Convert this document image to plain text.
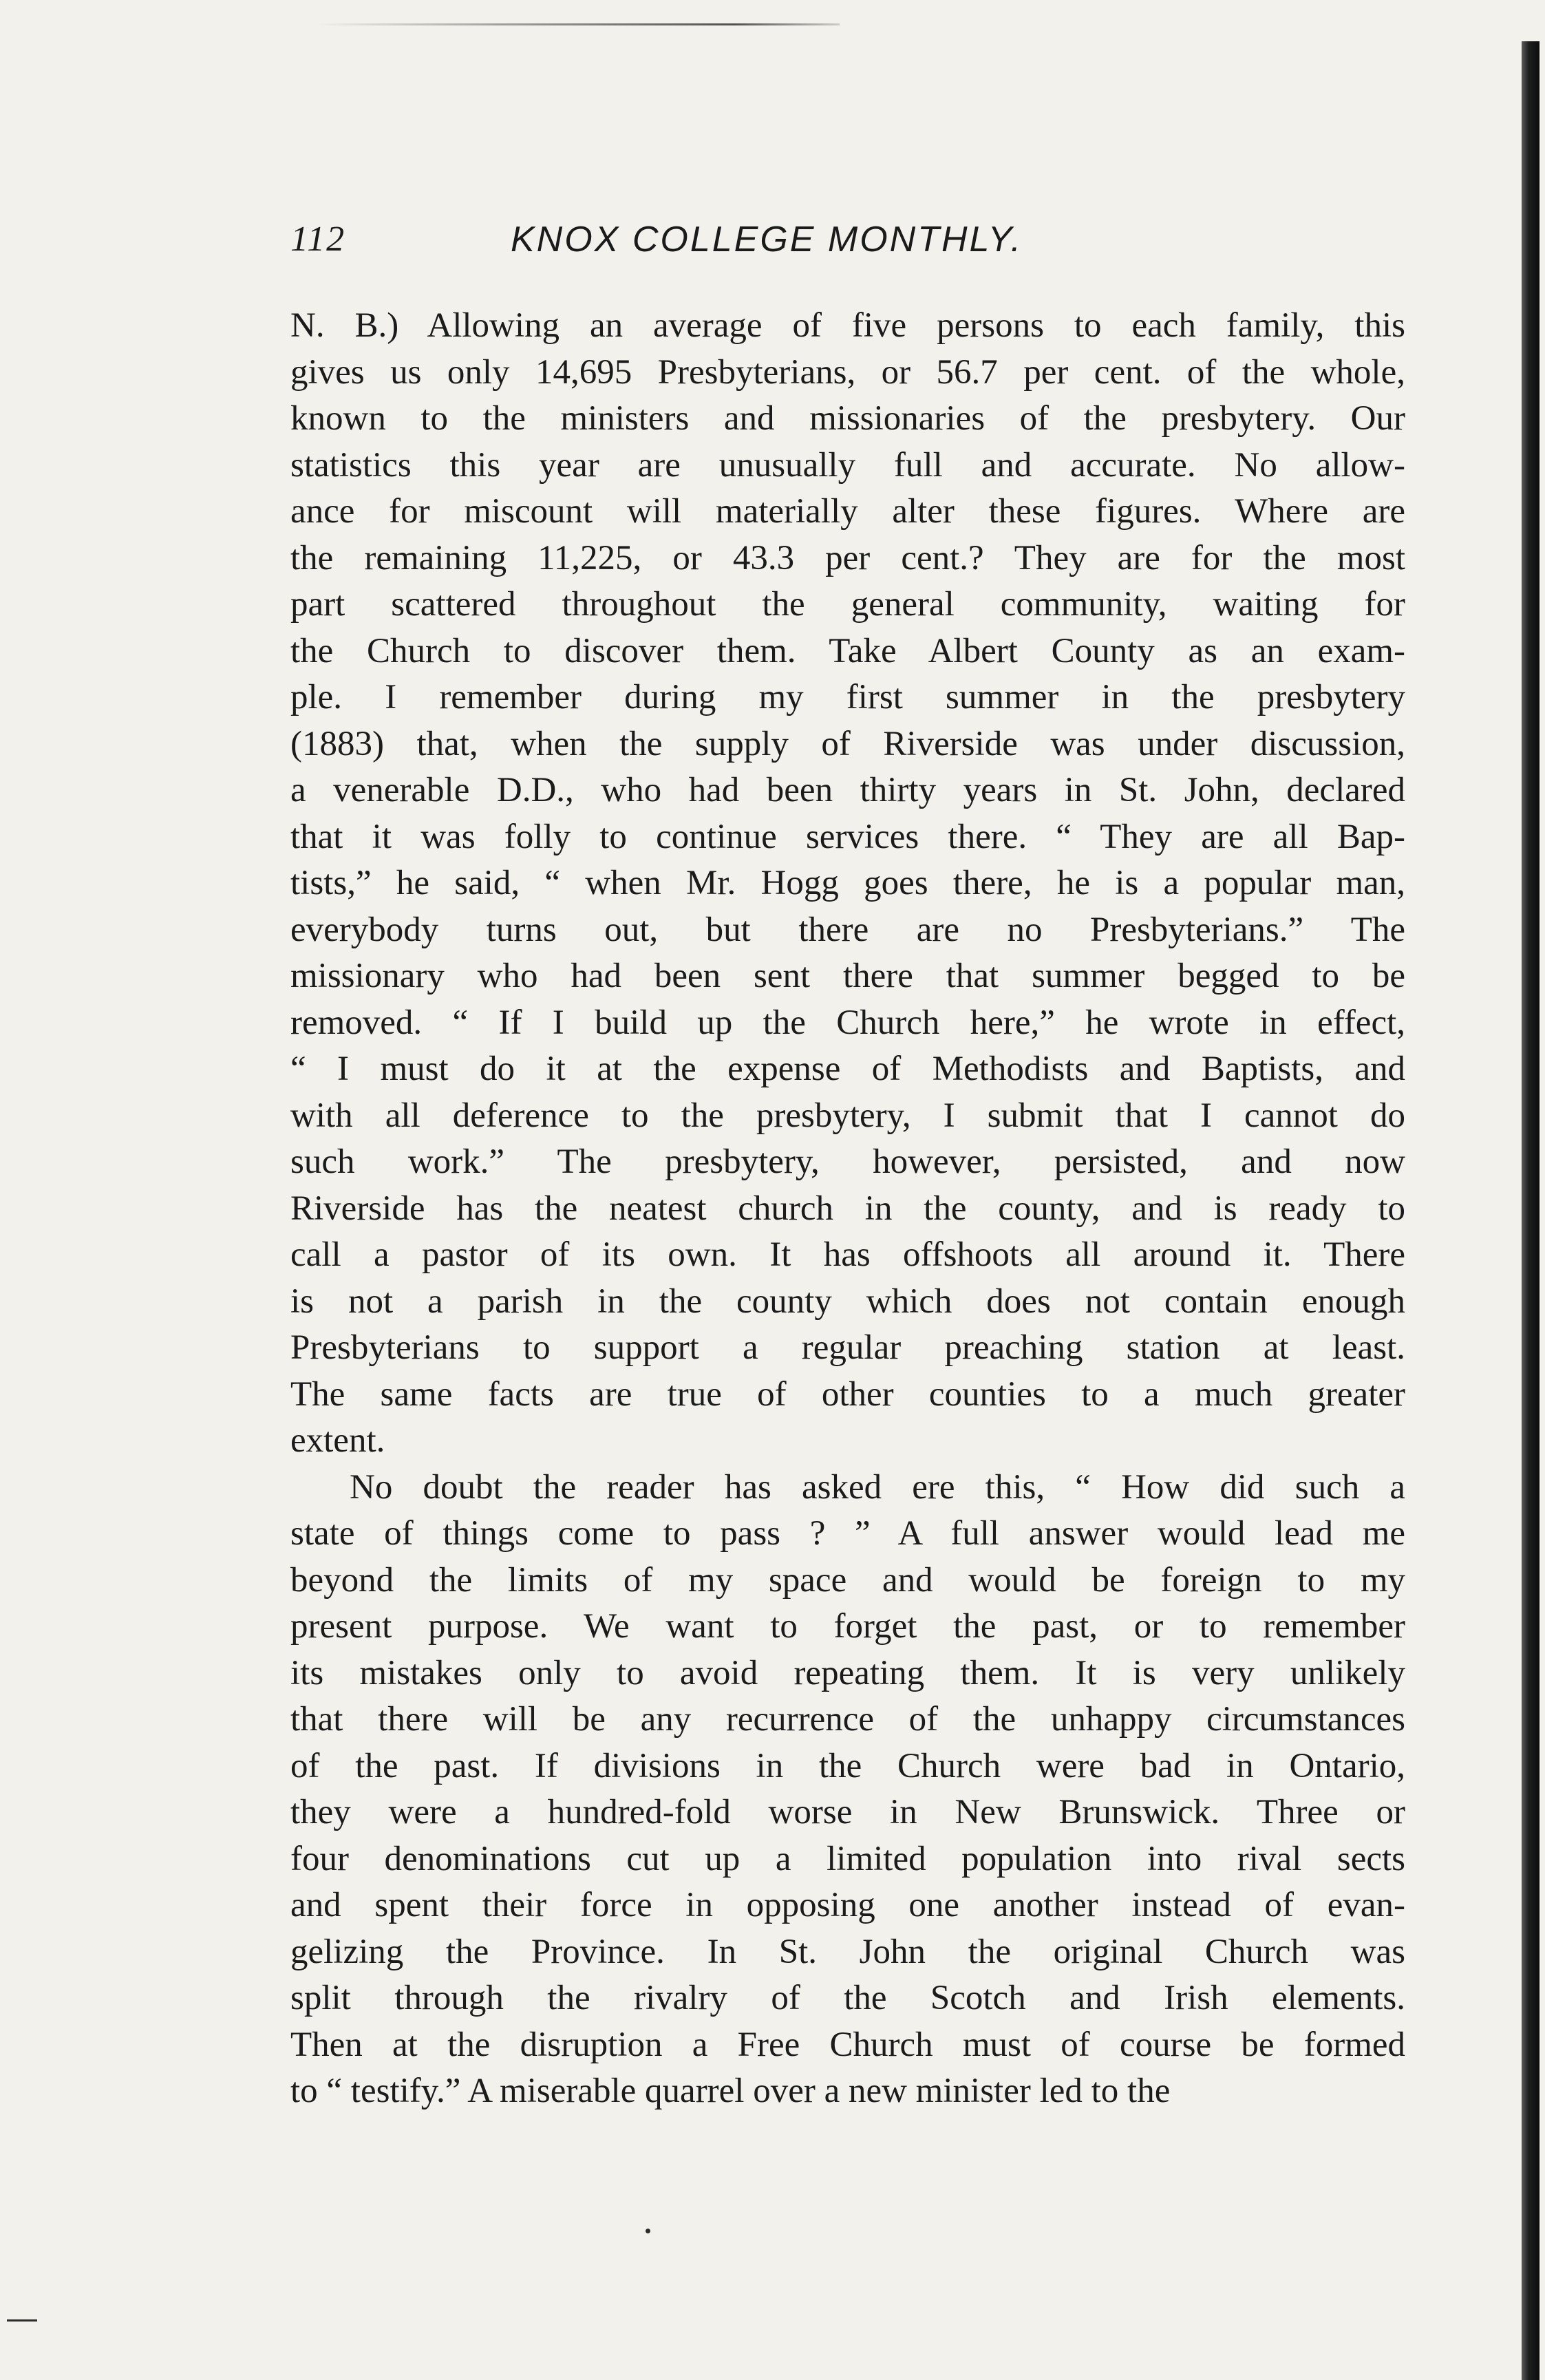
112	KNOX COLLEGE MONTHLY.
N. B.) Allowing an average of five persons to each family, this
gives us only 14,695 Presbyterians, or 56.7 per cent. of the whole,
known to the ministers and missionaries of the presbytery. Our
statistics this year are unusually full and accurate. No allow-
ance for miscount will materially alter these figures. Where are
the remaining 11,225, or 43.3 per cent.? They are for the most
part scattered throughout the general community, waiting for
the Church to discover them. Take Albert County as an exam-
ple. I remember during my first summer in the presbytery
(1883) that, when the supply of Riverside was under discussion,
a venerable D.D., who had been thirty years in St. John, declared
that it was folly to continue services there. “ They are all Bap-
tists,” he said, “ when Mr. Hogg goes there, he is a popular man,
everybody turns out, but there are no Presbyterians.” The
missionary who had been sent there that summer begged to be
removed. “ If I build up the Church here,” he wrote in effect,
“ I must do it at the expense of Methodists and Baptists, and
with all deference to the presbytery, I submit that I cannot do
such work.” The presbytery, however, persisted, and now
Riverside has the neatest church in the county, and is ready to
call a pastor of its own. It has offshoots all around it. There
is not a parish in the county which does not contain enough
Presbyterians to support a regular preaching station at least.
The same facts are true of other counties to a much greater
extent.
No doubt the reader has asked ere this, “ How did such a
state of things come to pass ? ” A full answer would lead me
beyond the limits of my space and would be foreign to my
present purpose. We want to forget the past, or to remember
its mistakes only to avoid repeating them. It is very unlikely
that there will be any recurrence of the unhappy circumstances
of the past. If divisions in the Church were bad in Ontario,
they were a hundred-fold worse in New Brunswick. Three or
four denominations cut up a limited population into rival sects
and spent their force in opposing one another instead of evan-
gelizing the Province. In St. John the original Church was
split through the rivalry of the Scotch and Irish elements.
Then at the disruption a Free Church must of course be formed
to “ testify.” A miserable quarrel over a new minister led to the
